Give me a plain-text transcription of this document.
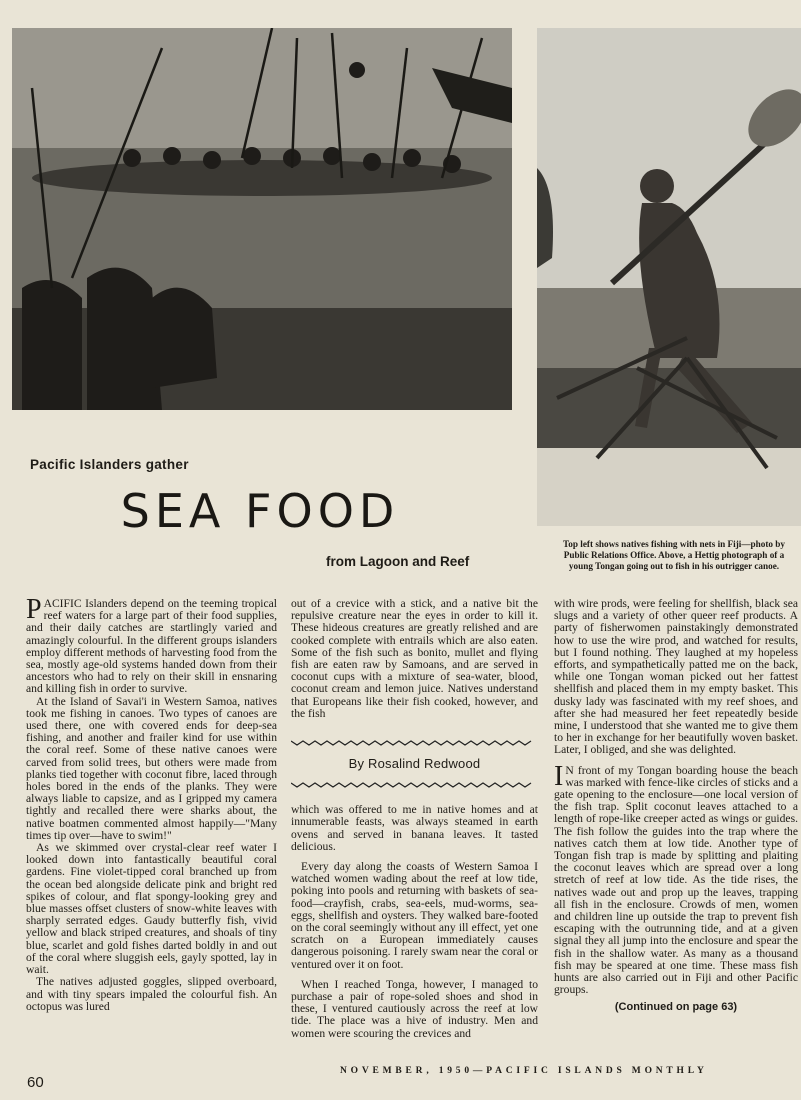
Pacific Islanders gather
SEA FOOD
from Lagoon and Reef
Top left shows natives fishing with nets in Fiji—photo by Public Relations Office. Above, a Hettig photograph of a young Tongan going out to fish in his outrigger canoe.

PACIFIC Islanders depend on the teeming tropical reef waters for a large part of their food supplies, and their daily catches are startlingly varied and amazingly colourful. In the different groups islanders employ different methods of harvesting food from the sea, mostly age-old systems handed down from their ancestors who had to rely on their skill in ensnaring and killing fish in order to survive.

At the Island of Savai'i in Western Samoa, natives took me fishing in canoes. Two types of canoes are used there, one with covered ends for deep-sea fishing, and another and frailer kind for use within the coral reef. Some of these native canoes were carved from solid trees, but others were made from planks tied together with coconut fibre, laced through holes bored in the ends of the planks. They were always liable to capsize, and as I gripped my camera tightly and recalled there were sharks about, the native boatmen commented almost happily—"Many times tip over—have to swim!"

As we skimmed over crystal-clear reef water I looked down into fantastically beautiful coral gardens. Fine violet-tipped coral branched up from the ocean bed alongside delicate pink and bright red spikes of colour, and flat spongy-looking grey and blue masses offset clusters of snow-white leaves with sharply serrated edges. Gaudy butterfly fish, vivid yellow and black striped creatures, and shoals of tiny blue, scarlet and gold fishes darted boldly in and out of the coral where sluggish eels, gayly spotted, lay in wait.

The natives adjusted goggles, slipped overboard, and with tiny spears impaled the colourful fish. An octopus was lured

out of a crevice with a stick, and a native bit the repulsive creature near the eyes in order to kill it. These hideous creatures are greatly relished and are cooked complete with entrails which are also eaten. Some of the fish such as bonito, mullet and flying fish are eaten raw by Samoans, and are served in coconut cups with a mixture of sea-water, blood, coconut cream and lemon juice. Natives understand that Europeans like their fish cooked, however, and the fish

By Rosalind Redwood

which was offered to me in native homes and at innumerable feasts, was always steamed in earth ovens and served in banana leaves. It tasted delicious.

Every day along the coasts of Western Samoa I watched women wading about the reef at low tide, poking into pools and returning with baskets of sea-food—crayfish, crabs, sea-eels, mud-worms, sea-eggs, shellfish and oysters. They walked bare-footed on the coral seemingly without any ill effect, yet one scratch on a European immediately causes dangerous poisoning. I rarely swam near the coral or ventured over it on foot.

When I reached Tonga, however, I managed to purchase a pair of rope-soled shoes and shod in these, I ventured cautiously across the reef at low tide. The place was a hive of industry. Men and women were scouring the crevices and

with wire prods, were feeling for shellfish, black sea slugs and a variety of other queer reef products. A party of fisherwomen painstakingly demonstrated how to use the wire prod, and watched for results, but I found nothing. They laughed at my hopeless efforts, and sympathetically patted me on the back, while one Tongan woman picked out her fattest shellfish and placed them in my empty basket. This dusky lady was fascinated with my reef shoes, and after she had measured her feet repeatedly beside mine, I understood that she wanted me to give them to her in exchange for her beautifully woven basket. Later, I obliged, and she was delighted.

I N front of my Tongan boarding house the beach was marked with fence-like circles of sticks and a gate opening to the enclosure—one local version of the fish trap. Split coconut leaves attached to a length of rope-like creeper acted as wings or guides. The fish follow the guides into the trap where the natives catch them at low tide. Another type of Tongan fish trap is made by splitting and plaiting the coconut leaves which are spread over a long stretch of reef at low tide. As the tide rises, the natives wade out and prop up the leaves, trapping all fish in the enclosure. Crowds of men, women and children line up outside the trap to prevent fish escaping with the outrunning tide, and at a given signal they all jump into the enclosure and spear the fish in the shallow water. As many as a thousand fish may be speared at one time. These mass fish hunts are also carried out in Fiji and other Pacific groups.

(Continued on page 63)
60
NOVEMBER, 1950—PACIFIC ISLANDS MONTHLY
